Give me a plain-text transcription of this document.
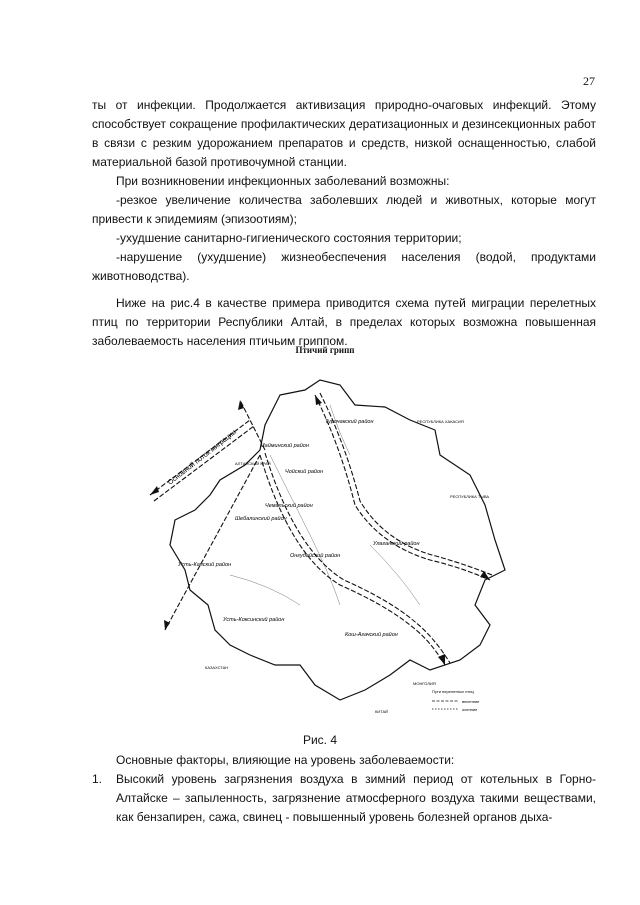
27

ты от инфекции. Продолжается активизация природно-очаговых инфекций. Этому способствует сокращение профилактических дератизационных и дезинсекционных работ в связи с резким удорожанием препаратов и средств, низкой оснащенностью, слабой материальной базой противочумной станции.

При возникновении инфекционных заболеваний возможны:

-резкое увеличение количества заболевших людей и животных, которые могут привести к эпидемиям (эпизоотиям);

-ухудшение санитарно-гигиенического состояния территории;

-нарушение (ухудшение) жизнеобеспечения населения (водой, продуктами животноводства).

Ниже на рис.4 в качестве примера приводится схема путей миграции перелетных птиц по территории Республики Алтай, в пределах которых возможна повышенная заболеваемость населения птичьим гриппом.

Птичий грипп
Основной поток миграции
Турочакский район
Майминский район
Чойский район
Чемальский район
Шебалинский район
Усть-Канский район
Онгудайский район
Улаганский район
Усть-Коксинский район
Кош-Агачский район
АЛТАЙСКИЙ КРАЙ
РЕСПУБЛИКА ХАКАСИЯ
РЕСПУБЛИКА ТЫВА
КАЗАХСТАН
МОНГОЛИЯ
КИТАЙ
Пути перелетных птиц
весенние
осенние
Рис. 4

Основные факторы, влияющие на уровень заболеваемости:

1.	Высокий уровень загрязнения воздуха в зимний период от котельных в Горно-Алтайске – запыленность, загрязнение атмосферного воздуха такими веществами, как бензапирен, сажа, свинец - повышенный уровень болезней органов дыха-
